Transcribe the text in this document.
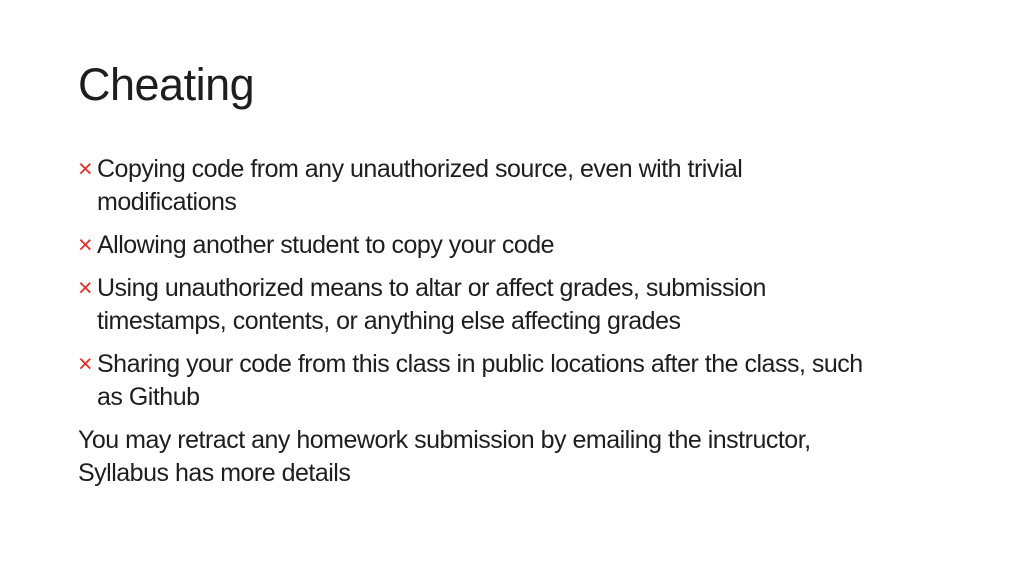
Cheating
× Copying code from any unauthorized source, even with trivial
modifications
× Allowing another student to copy your code
× Using unauthorized means to altar or affect grades, submission
timestamps, contents, or anything else affecting grades
× Sharing your code from this class in public locations after the class, such
as Github
You may retract any homework submission by emailing the instructor,
Syllabus has more details
